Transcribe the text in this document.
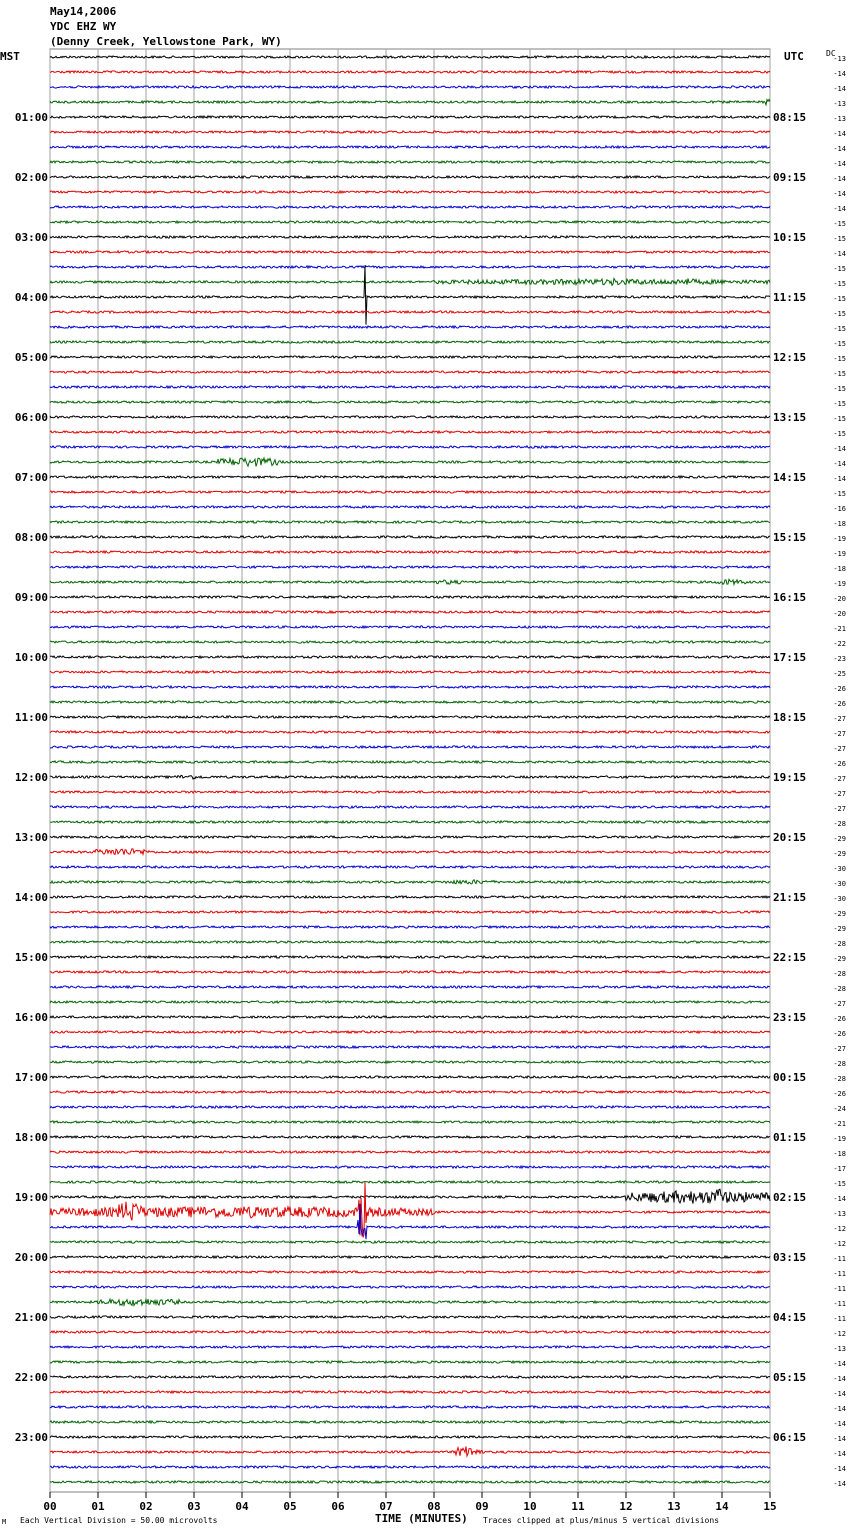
May14,2006
YDC EHZ WY
(Denny Creek, Yellowstone Park, WY)
MST	UTC	DC
00	01	02	03	04	05	06	07	08	09	10	11	12	13	14	15
-13
-14
-14
-13
-13
01:00	08:15
-14
-14
-14
-14
02:00	09:15
-14
-14
-15
-15
03:00	10:15
-14
-15
-15
-15
04:00	11:15
-15
-15
-15
-15
05:00	12:15
-15
-15
-15
-15
06:00	13:15
-15
-14
-14
-14
07:00	14:15
-15
-16
-18
-19
08:00	15:15
-19
-18
-19
-20
09:00	16:15
-20
-21
-22
-23
10:00	17:15
-25
-26
-26
-27
11:00	18:15
-27
-27
-26
-27
12:00	19:15
-27
-27
-28
-29
13:00	20:15
-29
-30
-30
-30
14:00	21:15
-29
-29
-28
-29
15:00	22:15
-28
-28
-27
-26
16:00	23:15
-26
-27
-28
-28
17:00	00:15
-26
-24
-21
-19
18:00	01:15
-18
-17
-15
-14
19:00	02:15
-13
-12
-12
-11
20:00	03:15
-11
-11
-11
-11
21:00	04:15
-12
-13
-14
-14
22:00	05:15
-14
-14
-14
-14
23:00	06:15
-14
-14
-14
M Each Vertical Division = 50.00 microvolts	TIME (MINUTES) Traces clipped at plus/minus 5 vertical divisions
